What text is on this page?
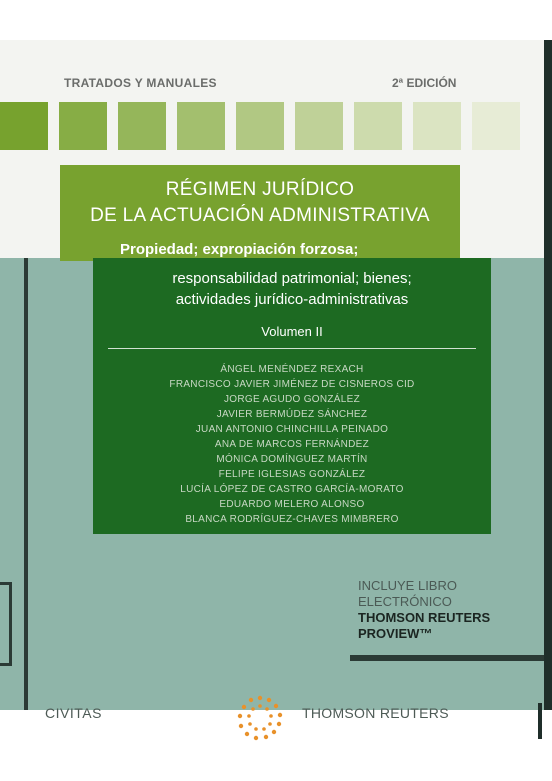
TRATADOS Y MANUALES	2ª EDICIÓN
RÉGIMEN JURÍDICO
DE LA ACTUACIÓN ADMINISTRATIVA
Propiedad; expropiación forzosa;
responsabilidad patrimonial; bienes;
actividades jurídico-administrativas
Volumen II
ÁNGEL MENÉNDEZ REXACH
FRANCISCO JAVIER JIMÉNEZ DE CISNEROS CID
JORGE AGUDO GONZÁLEZ
JAVIER BERMÚDEZ SÁNCHEZ
JUAN ANTONIO CHINCHILLA PEINADO
ANA DE MARCOS FERNÁNDEZ
MÓNICA DOMÍNGUEZ MARTÍN
FELIPE IGLESIAS GONZÁLEZ
LUCÍA LÓPEZ DE CASTRO GARCÍA-MORATO
EDUARDO MELERO ALONSO
BLANCA RODRÍGUEZ-CHAVES MIMBRERO
INCLUYE LIBRO
ELECTRÓNICO
THOMSON REUTERS
PROVIEW™
CIVITAS	THOMSON REUTERS
